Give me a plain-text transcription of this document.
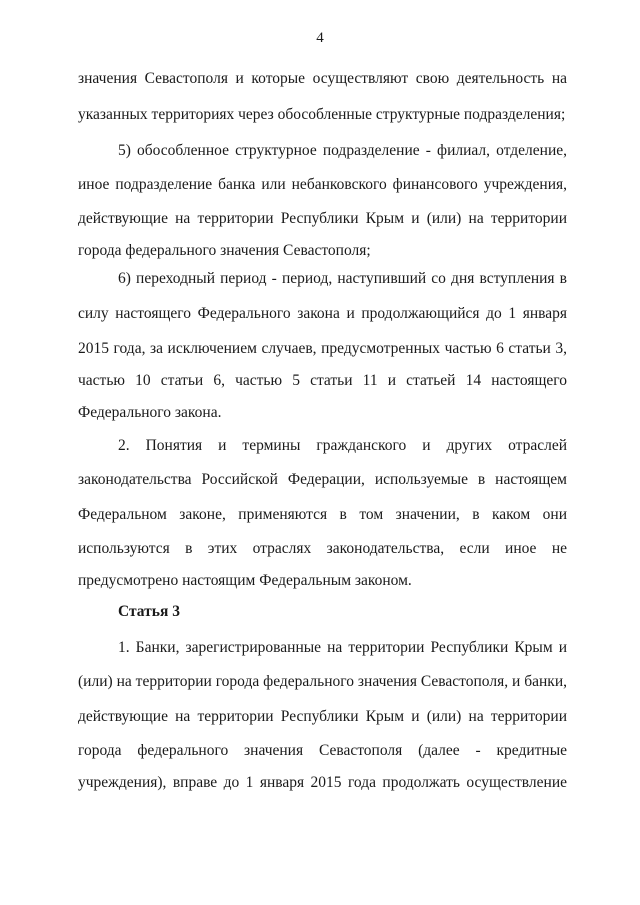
4
значения Севастополя и которые осуществляют свою деятельность на
указанных территориях через обособленные структурные подразделения;
5) обособленное структурное подразделение - филиал, отделение,
иное подразделение банка или небанковского финансового учреждения,
действующие на территории Республики Крым и (или) на территории
города федерального значения Севастополя;
6) переходный период - период, наступивший со дня вступления в
силу настоящего Федерального закона и продолжающийся до 1 января
2015 года, за исключением случаев, предусмотренных частью 6 статьи 3,
частью 10 статьи 6, частью 5 статьи 11 и статьей 14 настоящего
Федерального закона.
2. Понятия и термины гражданского и других отраслей
законодательства Российской Федерации, используемые в настоящем
Федеральном законе, применяются в том значении, в каком они
используются в этих отраслях законодательства, если иное не
предусмотрено настоящим Федеральным законом.
Статья 3
1. Банки, зарегистрированные на территории Республики Крым и
(или) на территории города федерального значения Севастополя, и банки,
действующие на территории Республики Крым и (или) на территории
города федерального значения Севастополя (далее - кредитные
учреждения), вправе до 1 января 2015 года продолжать осуществление
